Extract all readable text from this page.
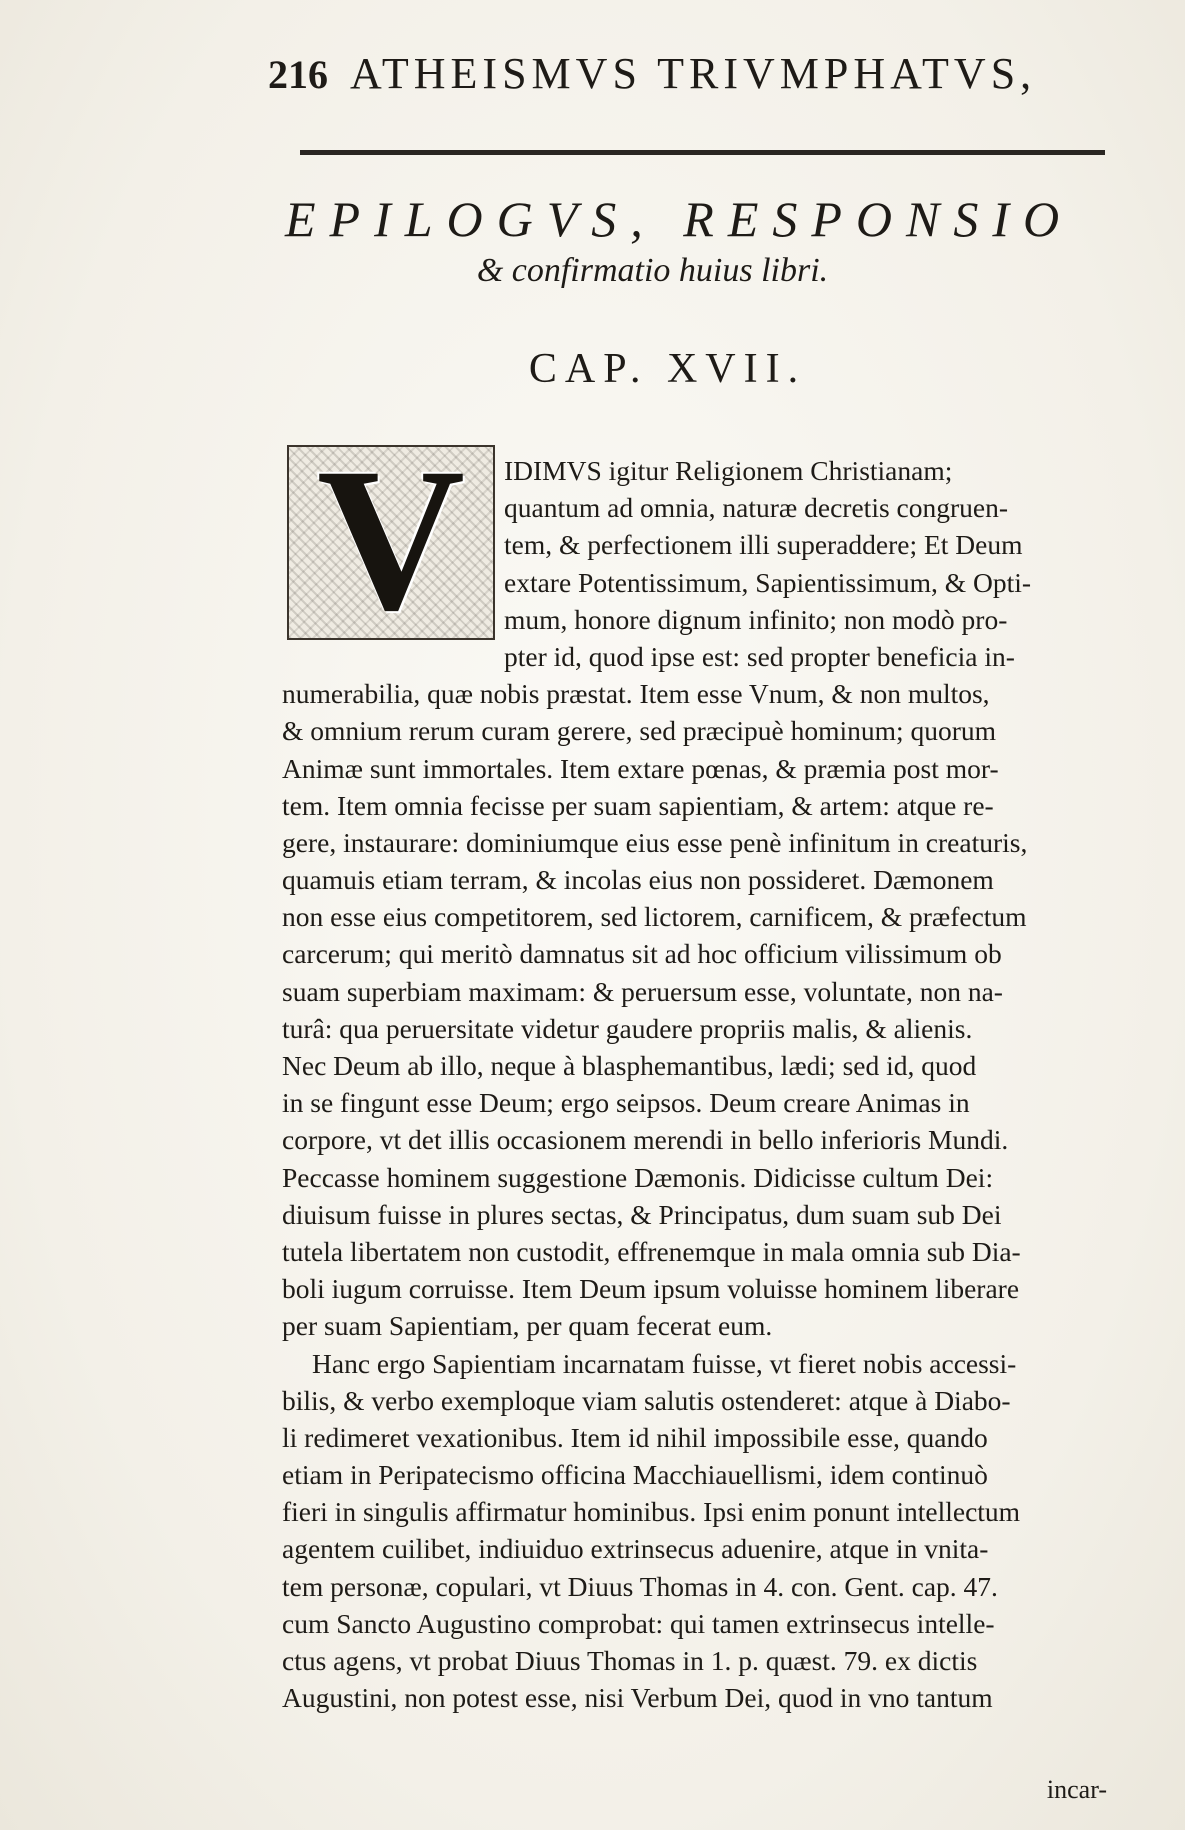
216 ATHEISMVS TRIVMPHATVS,
EPILOGVS, RESPONSIO
& confirmatio huius libri.
CAP. XVII.
V	IDIMVS igitur Religionem Christianam;
quantum ad omnia, naturæ decretis congruen-
tem, & perfectionem illi superaddere; Et Deum
extare Potentissimum, Sapientissimum, & Opti-
mum, honore dignum infinito; non modò pro-
pter id, quod ipse est: sed propter beneficia in-
numerabilia, quæ nobis præstat. Item esse Vnum, & non multos,
& omnium rerum curam gerere, sed præcipuè hominum; quorum
Animæ sunt immortales. Item extare pœnas, & præmia post mor-
tem. Item omnia fecisse per suam sapientiam, & artem: atque re-
gere, instaurare: dominiumque eius esse penè infinitum in creaturis,
quamuis etiam terram, & incolas eius non possideret. Dæmonem
non esse eius competitorem, sed lictorem, carnificem, & præfectum
carcerum; qui meritò damnatus sit ad hoc officium vilissimum ob
suam superbiam maximam: & peruersum esse, voluntate, non na-
turâ: qua peruersitate videtur gaudere propriis malis, & alienis.
Nec Deum ab illo, neque à blasphemantibus, lædi; sed id, quod
in se fingunt esse Deum; ergo seipsos. Deum creare Animas in
corpore, vt det illis occasionem merendi in bello inferioris Mundi.
Peccasse hominem suggestione Dæmonis. Didicisse cultum Dei:
diuisum fuisse in plures sectas, & Principatus, dum suam sub Dei
tutela libertatem non custodit, effrenemque in mala omnia sub Dia-
boli iugum corruisse. Item Deum ipsum voluisse hominem liberare
per suam Sapientiam, per quam fecerat eum.
Hanc ergo Sapientiam incarnatam fuisse, vt fieret nobis accessi-
bilis, & verbo exemploque viam salutis ostenderet: atque à Diabo-
li redimeret vexationibus. Item id nihil impossibile esse, quando
etiam in Peripatecismo officina Macchiauellismi, idem continuò
fieri in singulis affirmatur hominibus. Ipsi enim ponunt intellectum
agentem cuilibet, indiuiduo extrinsecus aduenire, atque in vnita-
tem personæ, copulari, vt Diuus Thomas in 4. con. Gent. cap. 47.
cum Sancto Augustino comprobat: qui tamen extrinsecus intelle-
ctus agens, vt probat Diuus Thomas in 1. p. quæst. 79. ex dictis
Augustini, non potest esse, nisi Verbum Dei, quod in vno tantum
incar-
